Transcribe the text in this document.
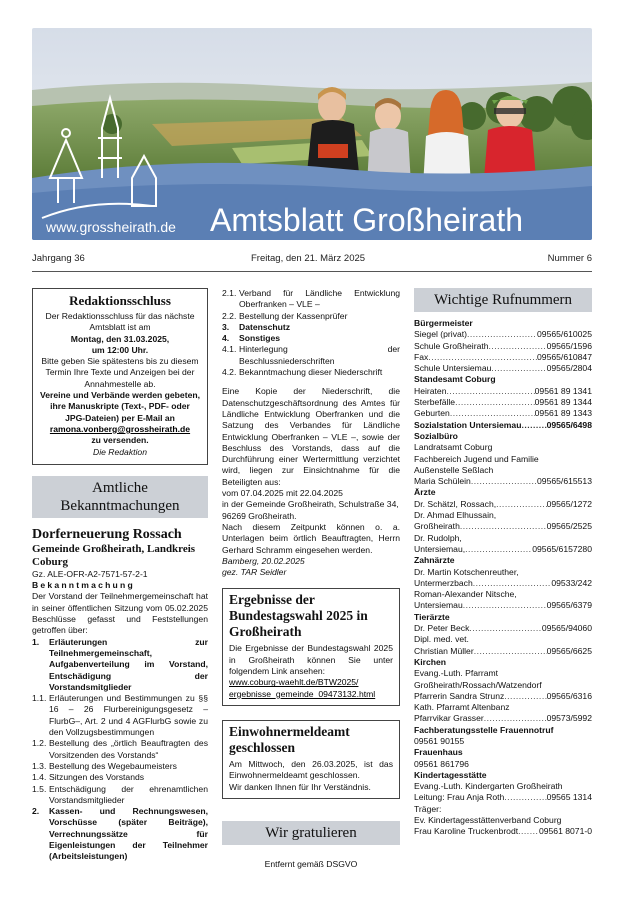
www.grossheirath.de Amtsblatt Großheirath
Jahrgang 36	Freitag, den 21. März 2025	Nummer 6
Redaktionsschluss
Der Redaktionsschluss für das nächste Amtsblatt ist am
Montag, den 31.03.2025,
um 12:00 Uhr.
Bitte geben Sie spätestens bis zu diesem Termin Ihre Texte und Anzeigen bei der Annahmestelle ab.
Vereine und Verbände werden gebeten, ihre Manuskripte (Text-, PDF- oder JPG-Dateien) per E-Mail an
ramona.vonberg@grossheirath.de
zu versenden.
Die Redaktion
Amtliche Bekanntmachungen
Dorferneuerung Rossach
Gemeinde Großheirath, Landkreis Coburg
Gz. ALE-OFR-A2-7571-57-2-1
Bekanntmachung
Der Vorstand der Teilnehmergemeinschaft hat in seiner öffentlichen Sitzung vom 05.02.2025 Beschlüsse gefasst und Feststellungen getroffen über:
1.	Erläuterungen zur Teilnehmergemeinschaft, Aufgabenverteilung im Vorstand, Entschädigung der Vorstandsmitglieder
1.1. Erläuterungen und Bestimmungen zu §§ 16 – 26 Flurbereinigungsgesetz – FlurbG–, Art. 2 und 4 AGFlurbG sowie zu den Vollzugsbestimmungen
1.2. Bestellung des „örtlich Beauftragten des Vorsitzenden des Vorstands“
1.3. Bestellung des Wegebaumeisters
1.4. Sitzungen des Vorstands
1.5. Entschädigung der ehrenamtlichen Vorstandsmitglieder
2.	Kassen- und Rechnungswesen, Vorschüsse (später Beiträge), Verrechnungssätze für Eigenleistungen der Teilnehmer (Arbeitsleistungen)
2.1. Verband für Ländliche Entwicklung Oberfranken – VLE –
2.2. Bestellung der Kassenprüfer
3.	Datenschutz
4.	Sonstiges
4.1. Hinterlegung der Beschlussniederschriften
4.2. Bekanntmachung dieser Niederschrift
Eine Kopie der Niederschrift, die Datenschutzgeschäftsordnung des Amtes für Ländliche Entwicklung Oberfranken und die Satzung des Verbandes für Ländliche Entwicklung Oberfranken – VLE –, sowie der Beschluss des Vorstands, dass auf die Durchführung einer Wertermittlung verzichtet wird, liegen zur Einsichtnahme für die Beteiligten aus:
vom 07.04.2025 mit 22.04.2025
in der Gemeinde Großheirath, Schulstraße 34, 96269 Großheirath.
Nach diesem Zeitpunkt können o. a. Unterlagen beim örtlich Beauftragten, Herrn Gerhard Schramm eingesehen werden.
Bamberg, 20.02.2025
gez. TAR Seidler
Ergebnisse der Bundestagswahl 2025 in Großheirath
Die Ergebnisse der Bundestagswahl 2025 in Großheirath können Sie unter folgendem Link ansehen:
www.coburg-waehlt.de/BTW2025/ ergebnisse_gemeinde_09473132.html
Einwohnermeldeamt geschlossen
Am Mittwoch, den 26.03.2025, ist das Einwohnermeldeamt geschlossen.
Wir danken Ihnen für Ihr Verständnis.
Wir gratulieren
Entfernt gemäß DSGVO
Wichtige Rufnummern
Bürgermeister
Siegel (privat) .....	09565/610025
Schule Großheirath .....	09565/1596
Fax .....	09565/610847
Schule Untersiemau .....	09565/2804
Standesamt Coburg
Heiraten .....	09561 89 1341
Sterbefälle .....	09561 89 1344
Geburten .....	09561 89 1343
Sozialstation Untersiemau .....	09565/6498
Sozialbüro
Landratsamt Coburg
Fachbereich Jugend und Familie
Außenstelle Seßlach
Maria Schülein .....	09565/615513
Ärzte
Dr. Schätzl, Rossach, .....	09565/1272
Dr. Ahmad Elhussain,
Großheirath .....	09565/2525
Dr. Rudolph,
Untersiemau, .....	09565/6157280
Zahnärzte
Dr. Martin Kotschenreuther,
Untermerzbach .....	09533/242
Roman-Alexander Nitsche,
Untersiemau .....	09565/6379
Tierärzte
Dr. Peter Beck .....	09565/94060
Dipl. med. vet.
Christian Müller .....	09565/6625
Kirchen
Evang.-Luth. Pfarramt
Großheirath/Rossach/Watzendorf
Pfarrerin Sandra Strunz .....	09565/6316
Kath. Pfarramt Altenbanz
Pfarrvikar Grasser .....	09573/5992
Fachberatungsstelle Frauennotruf
09561 90155
Frauenhaus
09561 861796
Kindertagesstätte
Evang.-Luth. Kindergarten Großheirath
Leitung: Frau Anja Roth .....	09565 1314
Träger:
Ev. Kindertagesstättenverband Coburg
Frau Karoline Truckenbrodt ..... 09561 8071-0
